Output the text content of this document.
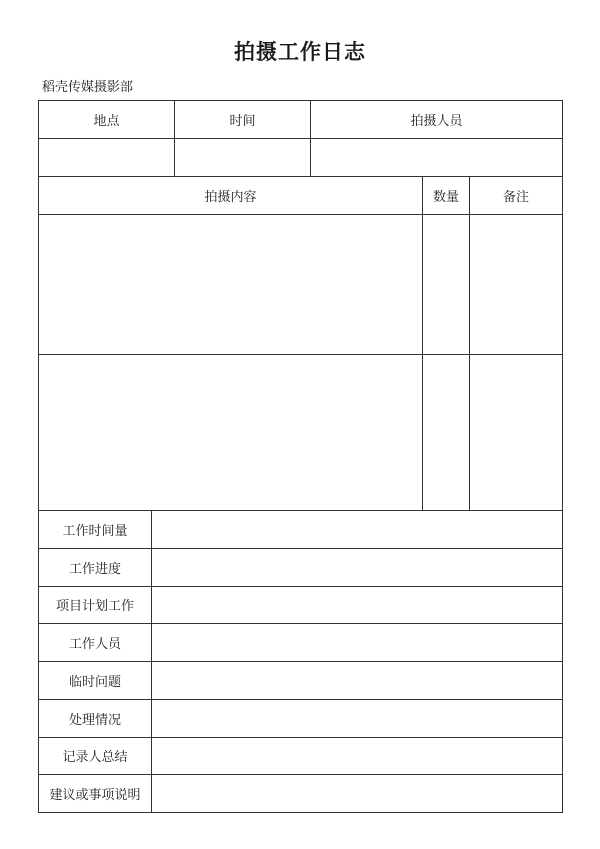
拍摄工作日志
稻壳传媒摄影部
地点	时间	拍摄人员

拍摄内容	数量	备注

工作时间量	
工作进度	
项目计划工作	
工作人员	
临时问题	
处理情况	
记录人总结	
建议或事项说明	
